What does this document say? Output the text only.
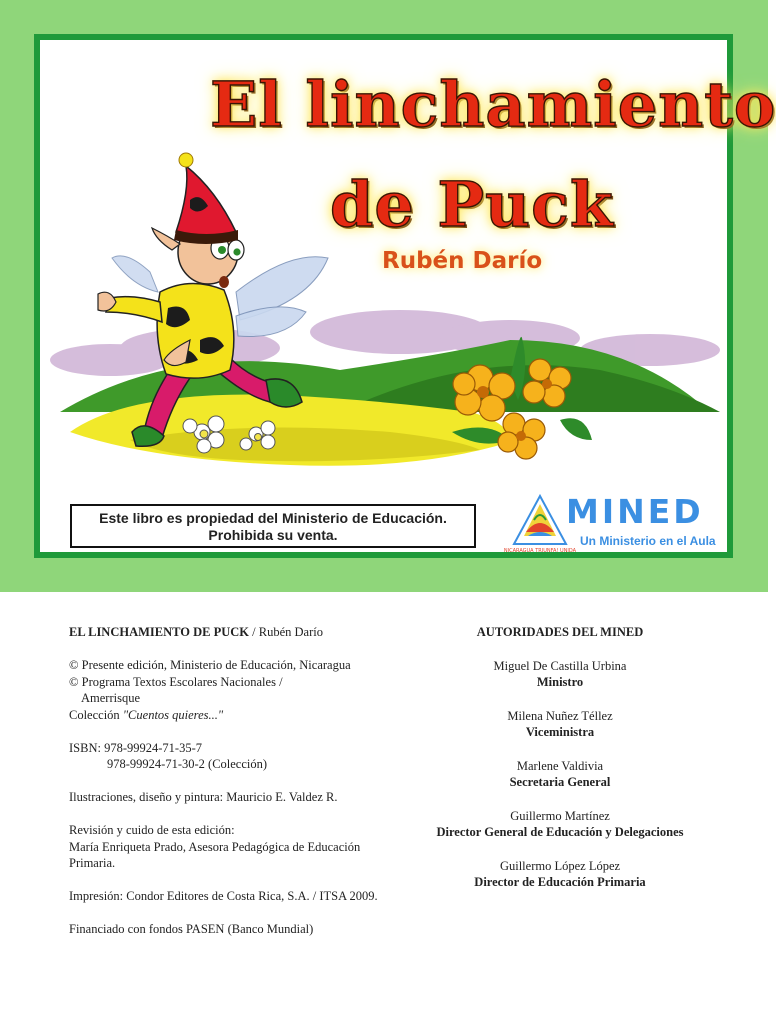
El linchamiento
de Puck

Rubén Darío

Este libro es propiedad del Ministerio de Educación.
Prohibida su venta.
NICARAGUA TRIUNFA! UNIDA

MINED

Un Ministerio en el Aula

EL LINCHAMIENTO DE PUCK / Rubén Darío

© Presente edición, Ministerio de Educación, Nicaragua

© Programa Textos Escolares Nacionales /

Amerrisque

Colección "Cuentos quieres..."

ISBN: 978-99924-71-35-7

978-99924-71-30-2 (Colección)

Ilustraciones, diseño y pintura: Mauricio E. Valdez R.

Revisión y cuido de esta edición:

María Enriqueta Prado, Asesora Pedagógica de Educación

Primaria.

Impresión: Condor Editores de Costa Rica, S.A. / ITSA 2009.

Financiado con fondos PASEN (Banco Mundial)

AUTORIDADES DEL MINED

Miguel De Castilla Urbina

Ministro

Milena Nuñez Téllez

Viceministra

Marlene Valdivia

Secretaria General

Guillermo Martínez

Director General de Educación y Delegaciones

Guillermo López López

Director de Educación Primaria
